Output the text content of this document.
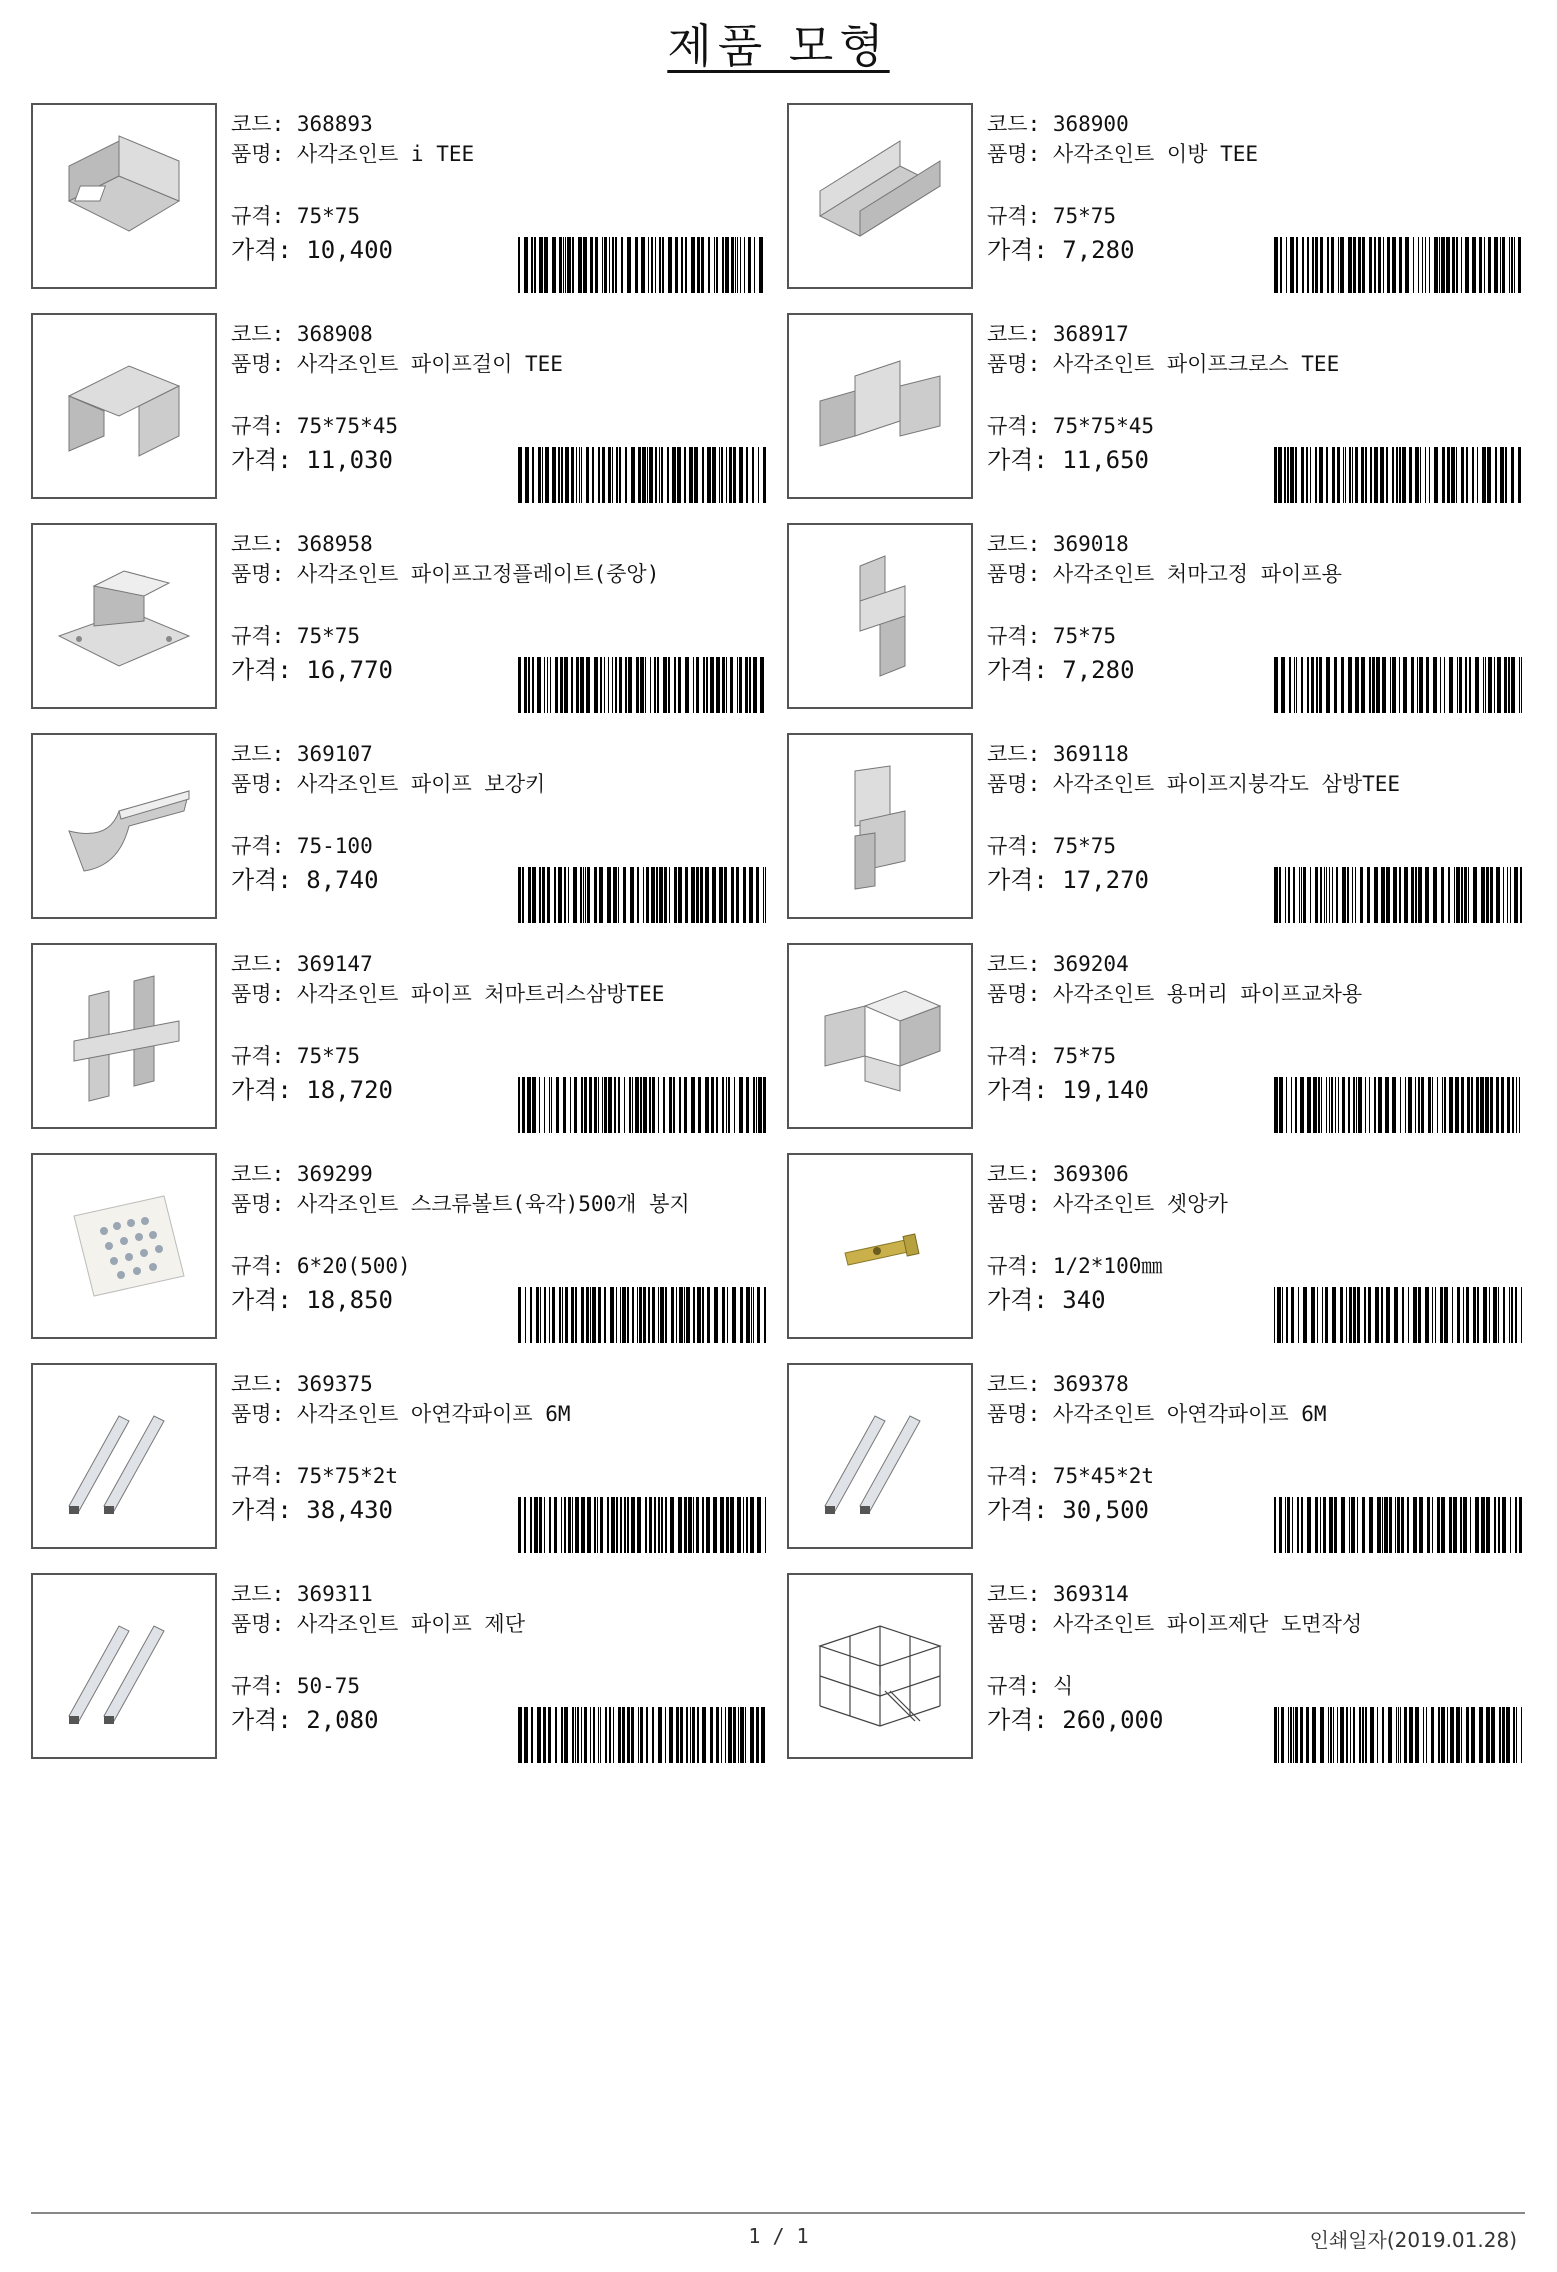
제품 모형
코드: 368893
품명: 사각조인트 i TEE
규격: 75*75
가격: 10,400
코드: 368900
품명: 사각조인트 이방 TEE
규격: 75*75
가격: 7,280
코드: 368908
품명: 사각조인트 파이프걸이 TEE
규격: 75*75*45
가격: 11,030
코드: 368917
품명: 사각조인트 파이프크로스 TEE
규격: 75*75*45
가격: 11,650
코드: 368958
품명: 사각조인트 파이프고정플레이트(중앙)
규격: 75*75
가격: 16,770
코드: 369018
품명: 사각조인트 처마고정 파이프용
규격: 75*75
가격: 7,280
코드: 369107
품명: 사각조인트 파이프 보강키
규격: 75-100
가격: 8,740
코드: 369118
품명: 사각조인트 파이프지붕각도 삼방TEE
규격: 75*75
가격: 17,270
코드: 369147
품명: 사각조인트 파이프 처마트러스삼방TEE
규격: 75*75
가격: 18,720
코드: 369204
품명: 사각조인트 용머리 파이프교차용
규격: 75*75
가격: 19,140
코드: 369299
품명: 사각조인트 스크류볼트(육각)500개 봉지
규격: 6*20(500)
가격: 18,850
코드: 369306
품명: 사각조인트 셋앙카
규격: 1/2*100㎜
가격: 340
코드: 369375
품명: 사각조인트 아연각파이프 6M
규격: 75*75*2t
가격: 38,430
코드: 369378
품명: 사각조인트 아연각파이프 6M
규격: 75*45*2t
가격: 30,500
코드: 369311
품명: 사각조인트 파이프 제단
규격: 50-75
가격: 2,080
코드: 369314
품명: 사각조인트 파이프제단 도면작성
규격: 식
가격: 260,000
1 / 1	인쇄일자(2019.01.28)
